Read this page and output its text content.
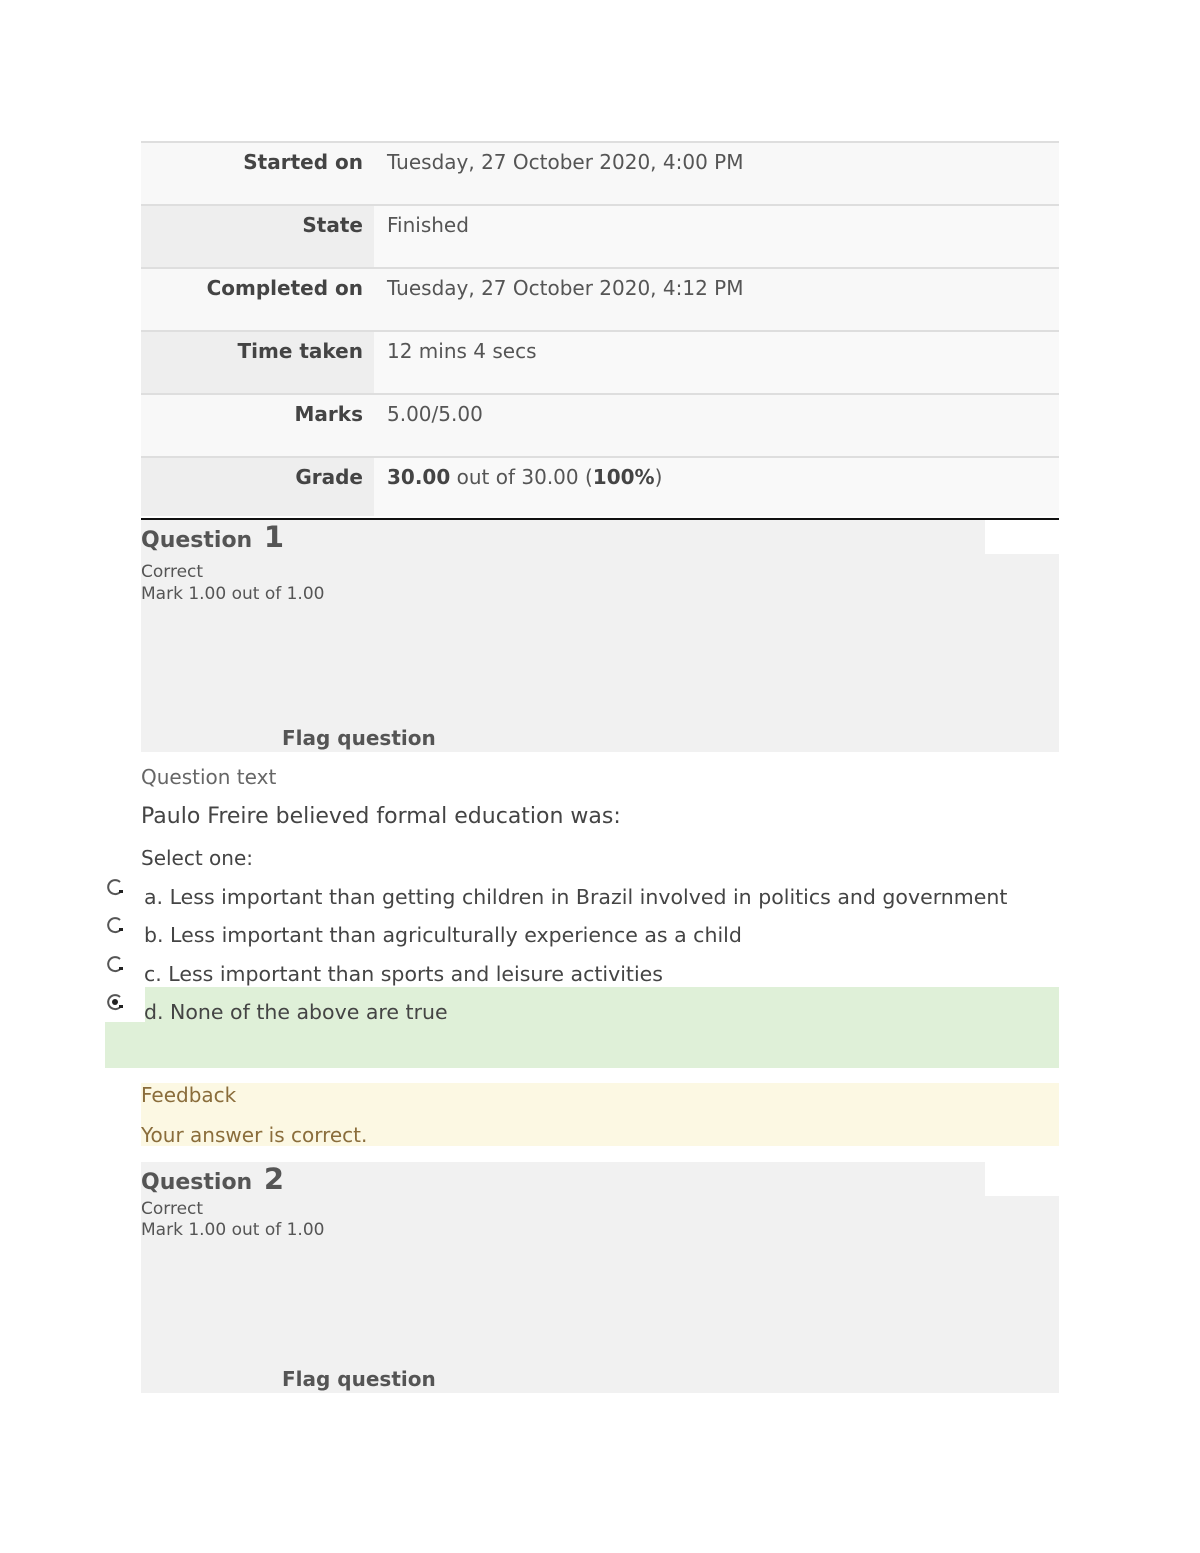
Started on	Tuesday, 27 October 2020, 4:00 PM
State	Finished
Completed on	Tuesday, 27 October 2020, 4:12 PM
Time taken	12 mins 4 secs
Marks	5.00/5.00
Grade	30.00 out of 30.00 (100%)
Question 1
Correct
Mark 1.00 out of 1.00
Flag question
Question text
Paulo Freire believed formal education was:
Select one:
a. Less important than getting children in Brazil involved in politics and government
b. Less important than agriculturally experience as a child
c. Less important than sports and leisure activities
d. None of the above are true
Feedback
Your answer is correct.
Question 2
Correct
Mark 1.00 out of 1.00
Flag question
